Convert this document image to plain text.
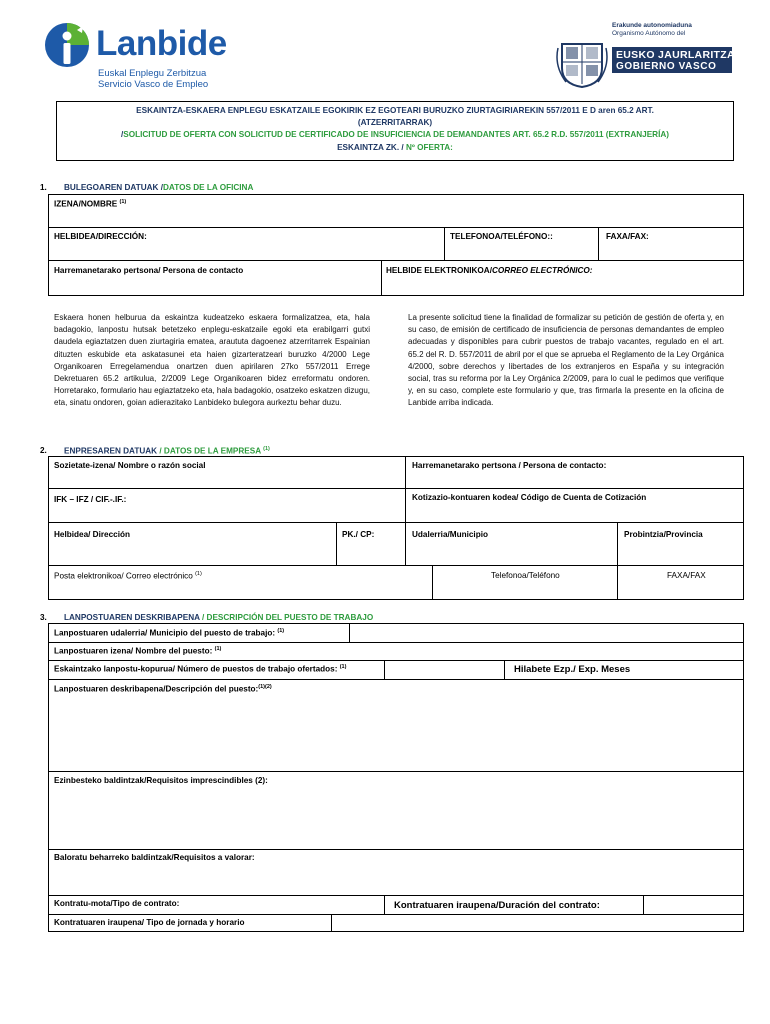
Lanbide
Euskal Enplegu Zerbitzua
Servicio Vasco de Empleo
Erakunde autonomiaduna
Organismo Autónomo del
EUSKO JAURLARITZA
GOBIERNO VASCO
ESKAINTZA-ESKAERA ENPLEGU ESKATZAILE EGOKIRIK EZ EGOTEARI BURUZKO ZIURTAGIRIAREKIN 557/2011 E D aren 65.2 ART.
(ATZERRITARRAK)
/SOLICITUD DE OFERTA CON SOLICITUD DE CERTIFICADO DE INSUFICIENCIA DE DEMANDANTES ART. 65.2 R.D. 557/2011 (EXTRANJERÍA)
ESKAINTZA ZK. / Nº OFERTA:
1. BULEGOAREN DATUAK /DATOS DE LA OFICINA
IZENA/NOMBRE $^{(1)}$
HELBIDEA/DIRECCIÓN:	TELEFONOA/TELÉFONO::	FAXA/FAX:
Harremanetarako pertsona/ Persona de contacto	HELBIDE ELEKTRONIKOA/CORREO ELECTRÓNICO:
Eskaera honen helburua da eskaintza kudeatzeko eskaera formalizatzea, eta, hala badagokio, lanpostu hutsak betetzeko enplegu-eskatzaile egoki eta erabilgarri gutxi daudela egiaztatzen duen ziurtagiria ematea, araututa dagoenez atzerritarrek Espainian dituzten eskubide eta askatasunei eta haien gizarteratzeari buruzko 4/2000 Lege Organikoaren Erregelamendua onartzen duen apirilaren 27ko 557/2011 Errege Dekretuaren 65.2 artikulua, 2/2009 Lege Organikoaren bidez erreformatu ondoren. Horretarako, formulario hau egiaztatzeko eta, hala badagokio, osatzeko eskatzen dizugu, eta, sinatu ondoren, goian adierazitako Lanbideko bulegora aurkeztu behar duzu.
La presente solicitud tiene la finalidad de formalizar su petición de gestión de oferta y, en su caso, de emisión de certificado de insuficiencia de personas demandantes de empleo adecuadas y disponibles para cubrir puestos de trabajo vacantes, regulado en el art. 65.2 del R. D. 557/2011 de abril por el que se aprueba el Reglamento de la Ley Orgánica 4/2000, sobre derechos y libertades de los extranjeros en España y su integración social, tras su reforma por la Ley Orgánica 2/2009, para lo cual le pedimos que verifique y, en su caso, complete este formulario y que, tras firmarla la presente en la oficina de Lanbide arriba indicada.
2. ENPRESAREN DATUAK / DATOS DE LA EMPRESA $^{(1)}$
Sozietate-izena/ Nombre o razón social	Harremanetarako pertsona / Persona de contacto:
IFK – IFZ / CIF.-.IF.:	Kotizazio-kontuaren kodea/ Código de Cuenta de Cotización
Helbidea/ Dirección	PK./ CP:	Udalerria/Municipio	Probintzia/Provincia
Posta elektronikoa/ Correo electrónico $^{(1)}$	Telefonoa/Teléfono	FAXA/FAX
3. LANPOSTUAREN DESKRIBAPENA / DESCRIPCIÓN DEL PUESTO DE TRABAJO
Lanpostuaren udalerria/ Municipio del puesto de trabajo: $^{(1)}$
Lanpostuaren izena/ Nombre del puesto: $^{(1)}$
Eskaintzako lanpostu-kopurua/ Número de puestos de trabajo ofertados: $^{(1)}$	Hilabete Ezp./ Exp. Meses
Lanpostuaren deskribapena/Descripción del puesto:$^{(1)(2)}$
Ezinbesteko baldintzak/Requisitos imprescindibles (2):
Baloratu beharreko baldintzak/Requisitos a valorar:
Kontratu-mota/Tipo de contrato:	Kontratuaren iraupena/Duración del contrato:
Kontratuaren iraupena/ Tipo de jornada y horario
